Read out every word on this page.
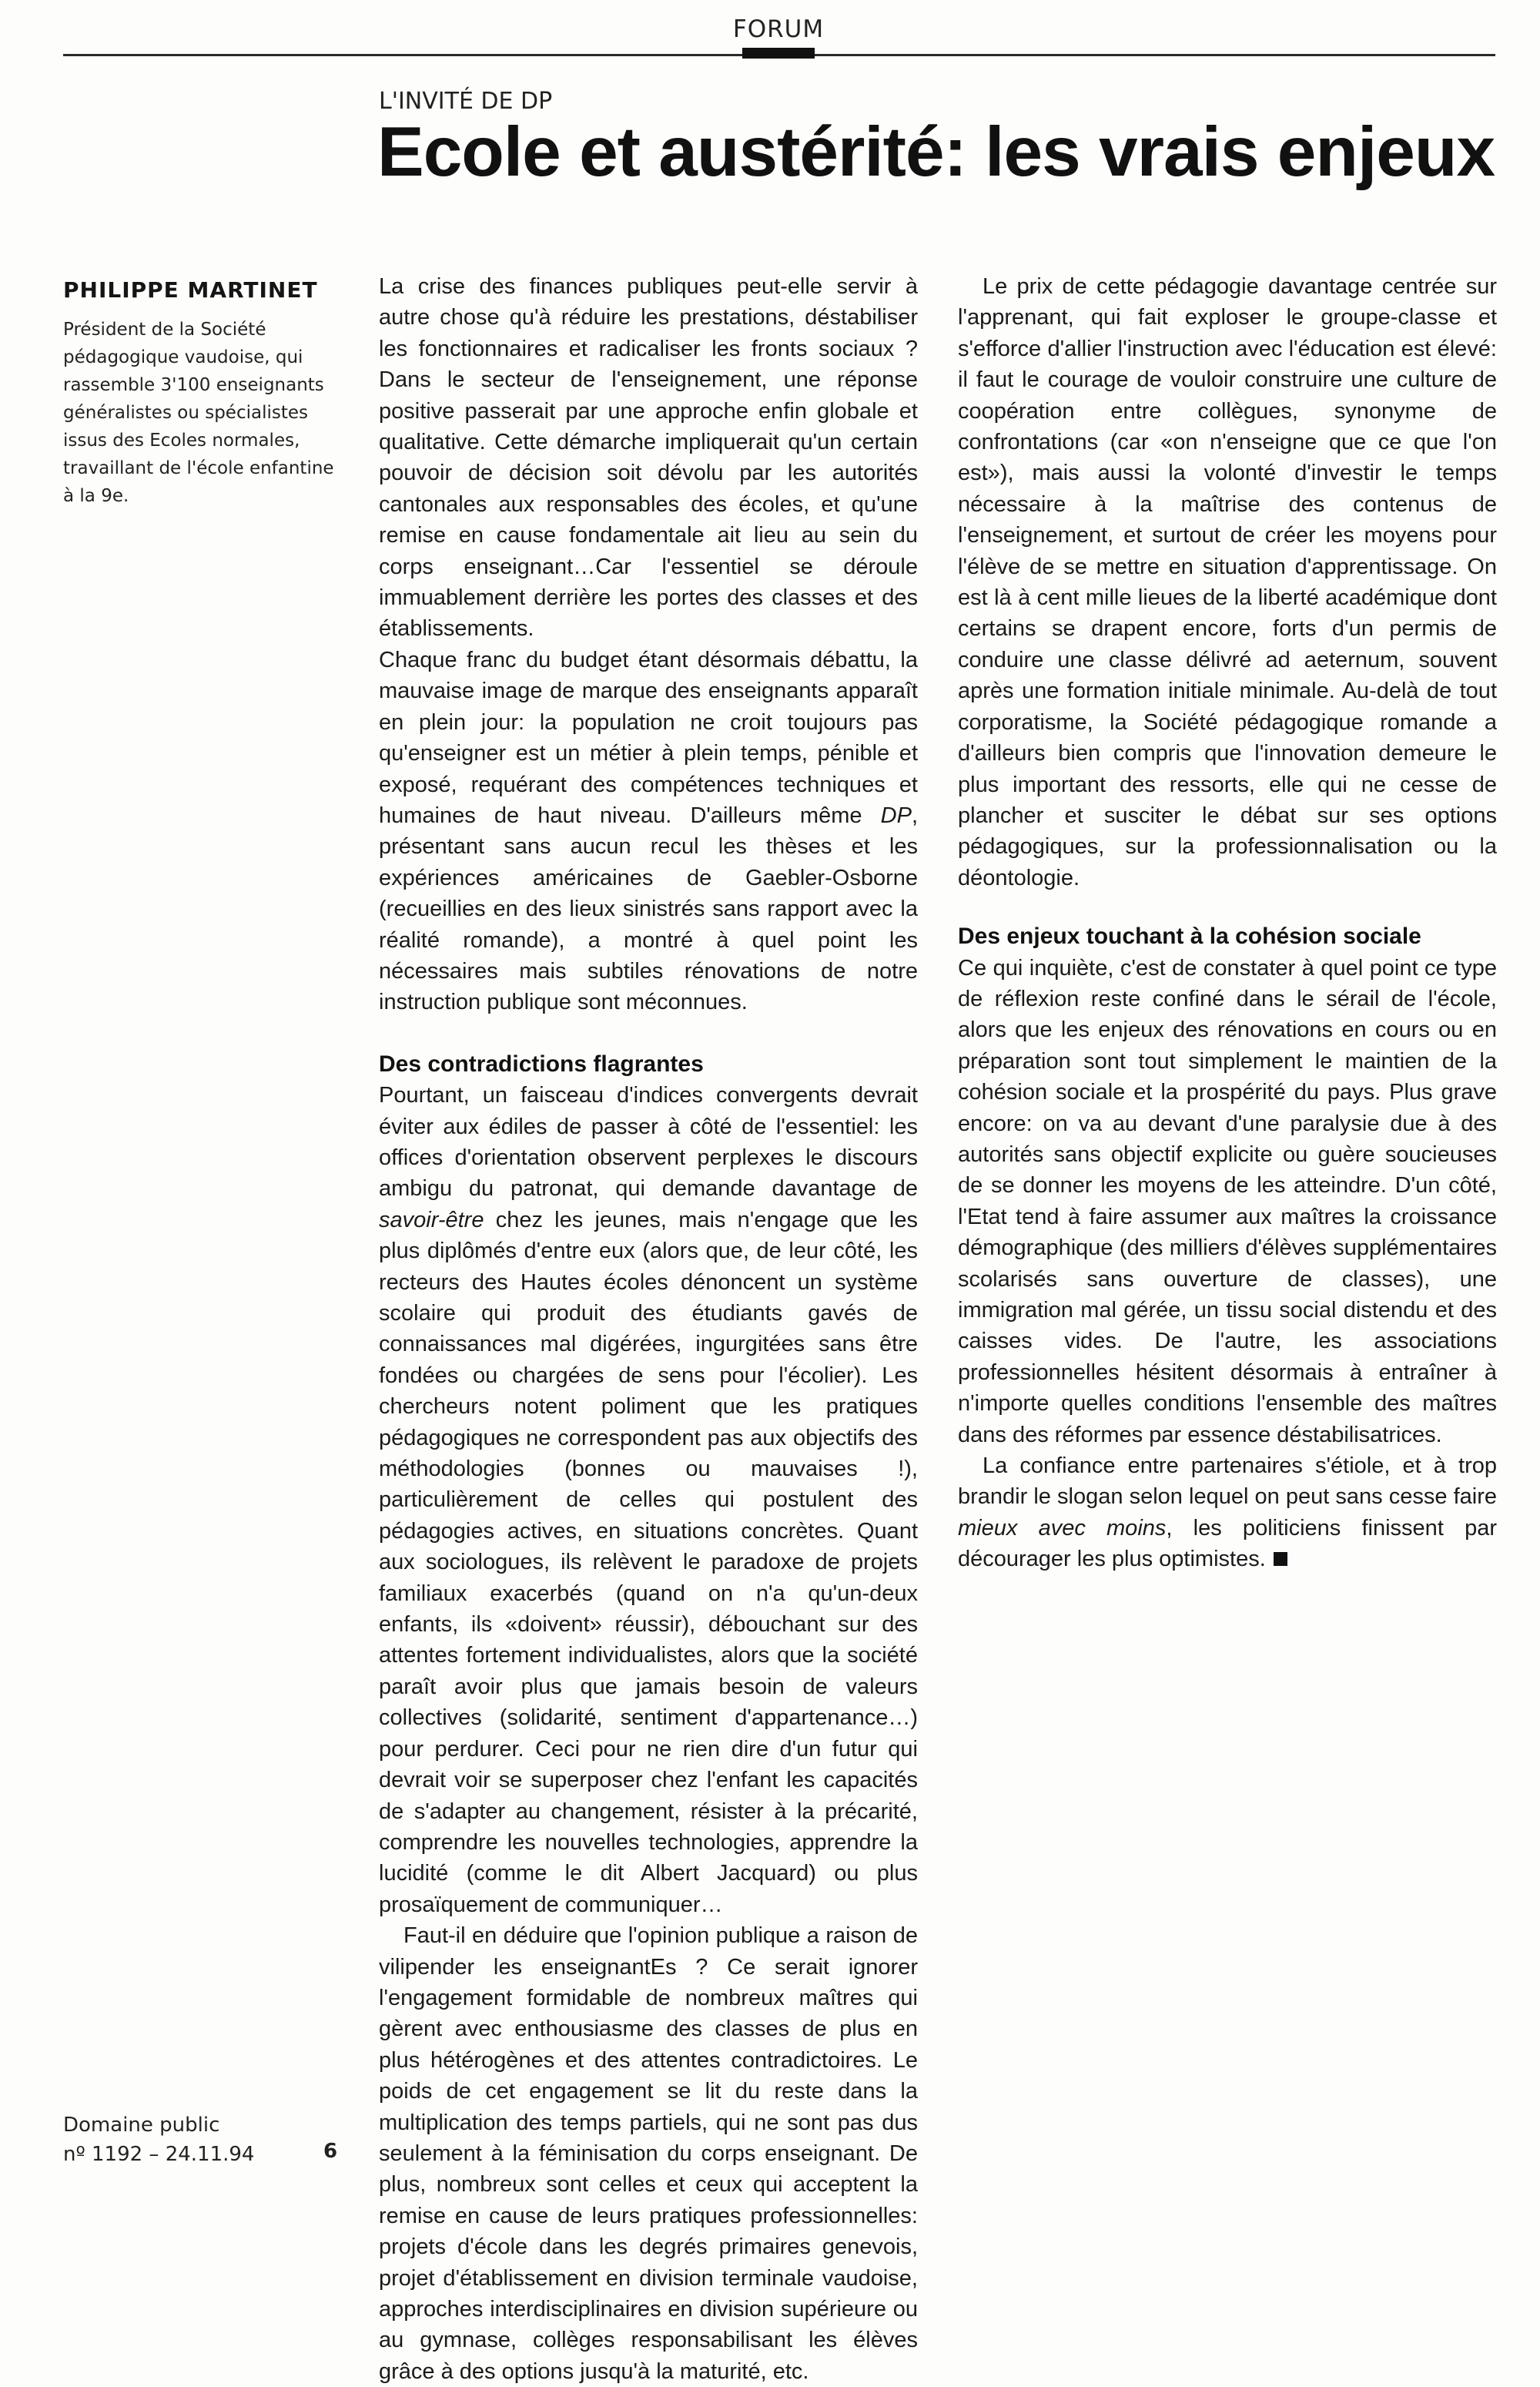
FORUM
L'INVITÉ DE DP
Ecole et austérité: les vrais enjeux
PHILIPPE MARTINET
Président de la Société pédagogique vaudoise, qui rassemble 3'100 enseignants généralistes ou spécialistes issus des Ecoles normales, travaillant de l'école enfantine à la 9e.
Domaine public
nº 1192 – 24.11.94	6

La crise des finances publiques peut-elle servir à autre chose qu'à réduire les prestations, déstabiliser les fonctionnaires et radicaliser les fronts sociaux ? Dans le secteur de l'enseignement, une réponse positive passerait par une approche enfin globale et qualitative. Cette démarche impliquerait qu'un certain pouvoir de décision soit dévolu par les autorités cantonales aux responsables des écoles, et qu'une remise en cause fondamentale ait lieu au sein du corps enseignant…Car l'essentiel se déroule immuablement derrière les portes des classes et des établissements.

Chaque franc du budget étant désormais débattu, la mauvaise image de marque des enseignants apparaît en plein jour: la population ne croit toujours pas qu'enseigner est un métier à plein temps, pénible et exposé, requérant des compétences techniques et humaines de haut niveau. D'ailleurs même DP, présentant sans aucun recul les thèses et les expériences américaines de Gaebler-Osborne (recueillies en des lieux sinistrés sans rapport avec la réalité romande), a montré à quel point les nécessaires mais subtiles rénovations de notre instruction publique sont méconnues.

Des contradictions flagrantes

Pourtant, un faisceau d'indices convergents devrait éviter aux édiles de passer à côté de l'essentiel: les offices d'orientation observent perplexes le discours ambigu du patronat, qui demande davantage de savoir-être chez les jeunes, mais n'engage que les plus diplômés d'entre eux (alors que, de leur côté, les recteurs des Hautes écoles dénoncent un système scolaire qui produit des étudiants gavés de connaissances mal digérées, ingurgitées sans être fondées ou chargées de sens pour l'écolier). Les chercheurs notent poliment que les pratiques pédagogiques ne correspondent pas aux objectifs des méthodologies (bonnes ou mauvaises !), particulièrement de celles qui postulent des pédagogies actives, en situations concrètes. Quant aux sociologues, ils relèvent le paradoxe de projets familiaux exacerbés (quand on n'a qu'un-deux enfants, ils «doivent» réussir), débouchant sur des attentes fortement individualistes, alors que la société paraît avoir plus que jamais besoin de valeurs collectives (solidarité, sentiment d'appartenance…) pour perdurer. Ceci pour ne rien dire d'un futur qui devrait voir se superposer chez l'enfant les capacités de s'adapter au changement, résister à la précarité, comprendre les nouvelles technologies, apprendre la lucidité (comme le dit Albert Jacquard) ou plus prosaïquement de communiquer…

Faut-il en déduire que l'opinion publique a raison de vilipender les enseignantEs ? Ce serait ignorer l'engagement formidable de nombreux maîtres qui gèrent avec enthousiasme des classes de plus en plus hétérogènes et des attentes contradictoires. Le poids de cet engagement se lit du reste dans la multiplication des temps partiels, qui ne sont pas dus seulement à la féminisation du corps enseignant. De plus, nombreux sont celles et ceux qui acceptent la remise en cause de leurs pratiques professionnelles: projets d'école dans les degrés primaires genevois, projet d'établissement en division terminale vaudoise, approches interdisciplinaires en division supérieure ou au gymnase, collèges responsabilisant les élèves grâce à des options jusqu'à la maturité, etc.

Le prix de cette pédagogie davantage centrée sur l'apprenant, qui fait exploser le groupe-classe et s'efforce d'allier l'instruction avec l'éducation est élevé: il faut le courage de vouloir construire une culture de coopération entre collègues, synonyme de confrontations (car «on n'enseigne que ce que l'on est»), mais aussi la volonté d'investir le temps nécessaire à la maîtrise des contenus de l'enseignement, et surtout de créer les moyens pour l'élève de se mettre en situation d'apprentissage. On est là à cent mille lieues de la liberté académique dont certains se drapent encore, forts d'un permis de conduire une classe délivré ad aeternum, souvent après une formation initiale minimale. Au-delà de tout corporatisme, la Société pédagogique romande a d'ailleurs bien compris que l'innovation demeure le plus important des ressorts, elle qui ne cesse de plancher et susciter le débat sur ses options pédagogiques, sur la professionnalisation ou la déontologie.

Des enjeux touchant à la cohésion sociale

Ce qui inquiète, c'est de constater à quel point ce type de réflexion reste confiné dans le sérail de l'école, alors que les enjeux des rénovations en cours ou en préparation sont tout simplement le maintien de la cohésion sociale et la prospérité du pays. Plus grave encore: on va au devant d'une paralysie due à des autorités sans objectif explicite ou guère soucieuses de se donner les moyens de les atteindre. D'un côté, l'Etat tend à faire assumer aux maîtres la croissance démographique (des milliers d'élèves supplémentaires scolarisés sans ouverture de classes), une immigration mal gérée, un tissu social distendu et des caisses vides. De l'autre, les associations professionnelles hésitent désormais à entraîner à n'importe quelles conditions l'ensemble des maîtres dans des réformes par essence déstabilisatrices.

La confiance entre partenaires s'étiole, et à trop brandir le slogan selon lequel on peut sans cesse faire mieux avec moins, les politiciens finissent par décourager les plus optimistes.
